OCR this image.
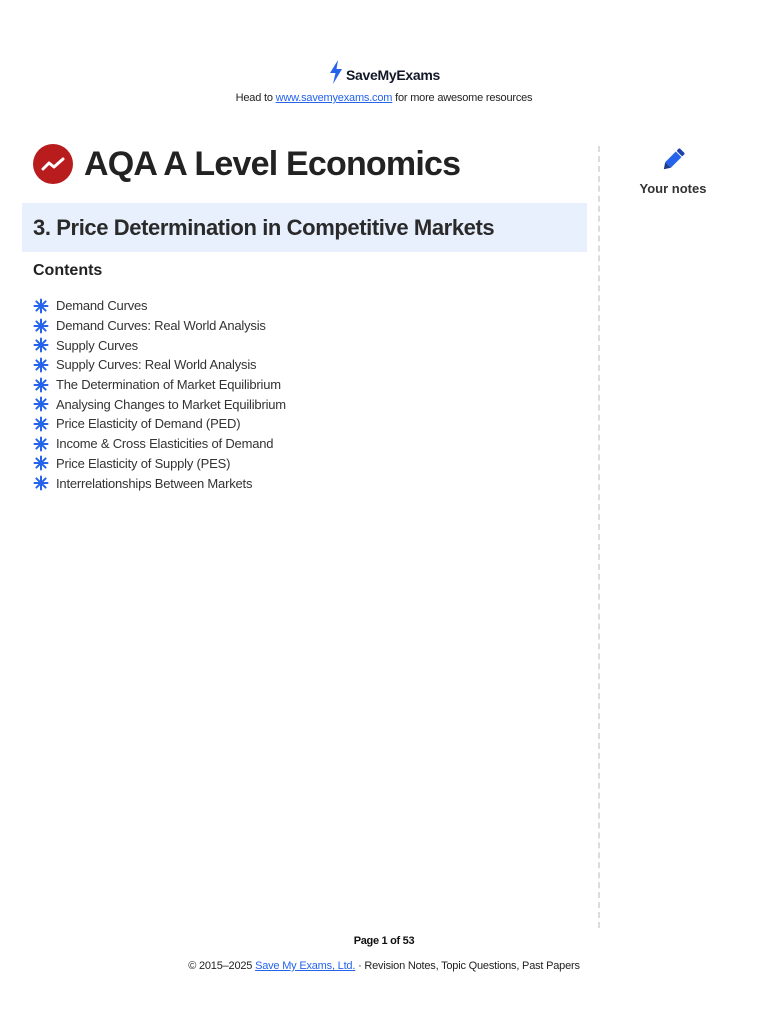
SaveMyExams
Head to www.savemyexams.com for more awesome resources
Your notes
AQA A Level Economics
3. Price Determination in Competitive Markets
Contents
Demand Curves
Demand Curves: Real World Analysis
Supply Curves
Supply Curves: Real World Analysis
The Determination of Market Equilibrium
Analysing Changes to Market Equilibrium
Price Elasticity of Demand (PED)
Income & Cross Elasticities of Demand
Price Elasticity of Supply (PES)
Interrelationships Between Markets
Page 1 of 53
© 2015–2025 Save My Exams, Ltd. · Revision Notes, Topic Questions, Past Papers
